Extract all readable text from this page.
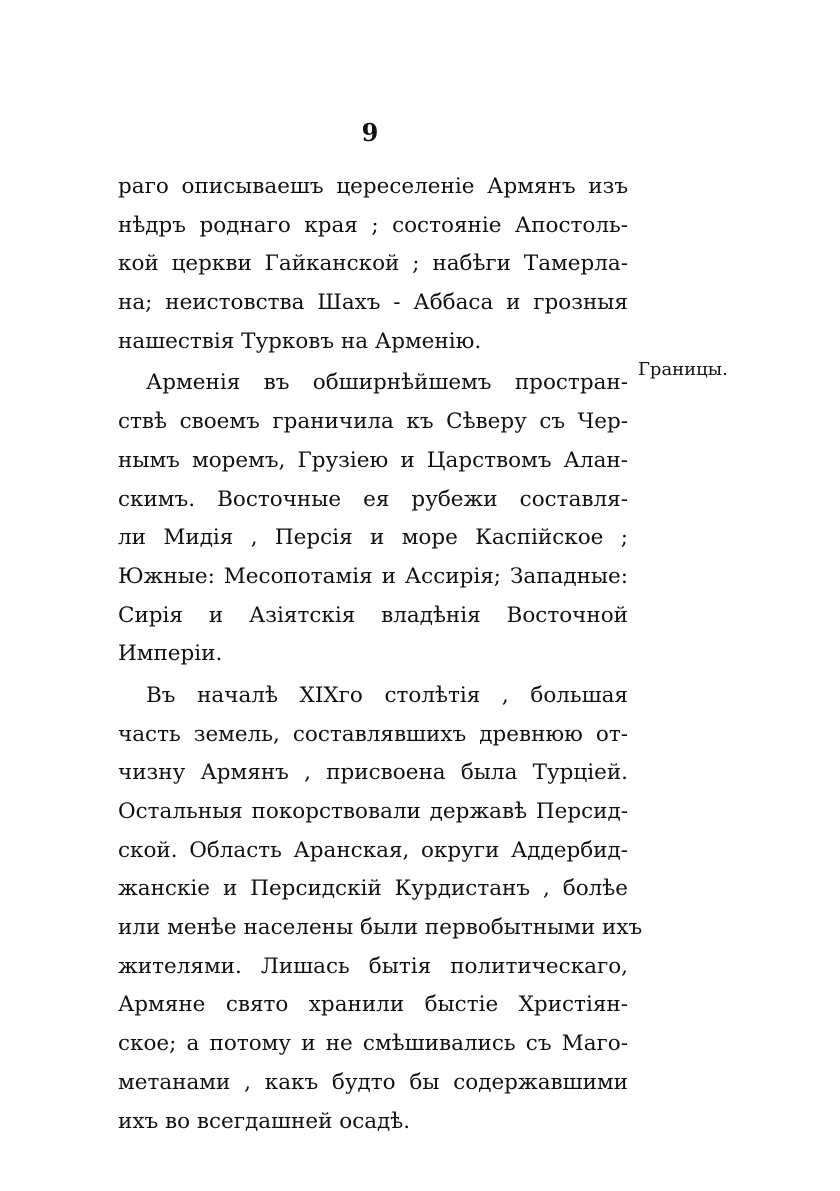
9
Границы.
раго описываешъ цереселеніе Армянъ изъ
нѣдръ роднаго края ; состояніе Апостоль-
кой церкви Гайканской ; набѣги Тамерла-
на; неистовства Шахъ - Аббаса и грозныя
нашествія Турковъ на Арменію.
Арменія въ обширнѣйшемъ простран-
ствѣ своемъ граничила къ Сѣверу съ Чер-
нымъ моремъ, Грузіею и Царствомъ Алан-
скимъ. Восточные ея рубежи составля-
ли Мидія , Персія и море Каспійское ;
Южные: Месопотамія и Ассирія; Западные:
Сирія и Азіятскія владѣнія Восточной
Имперіи.
Въ началѣ XIXго столѣтія , большая
часть земель, составлявшихъ древнюю от-
чизну Армянъ , присвоена была Турціей.
Остальныя покорствовали державѣ Персид-
ской. Область Аранская, округи Аддербид-
жанскіе и Персидскій Курдистанъ , болѣе
или менѣе населены были первобытными ихъ
жителями. Лишась бытія политическаго,
Армяне свято хранили быстіе Христіян-
ское; а потому и не смѣшивались съ Маго-
метанами , какъ будто бы содержавшими
ихъ во всегдашней осадѣ.
